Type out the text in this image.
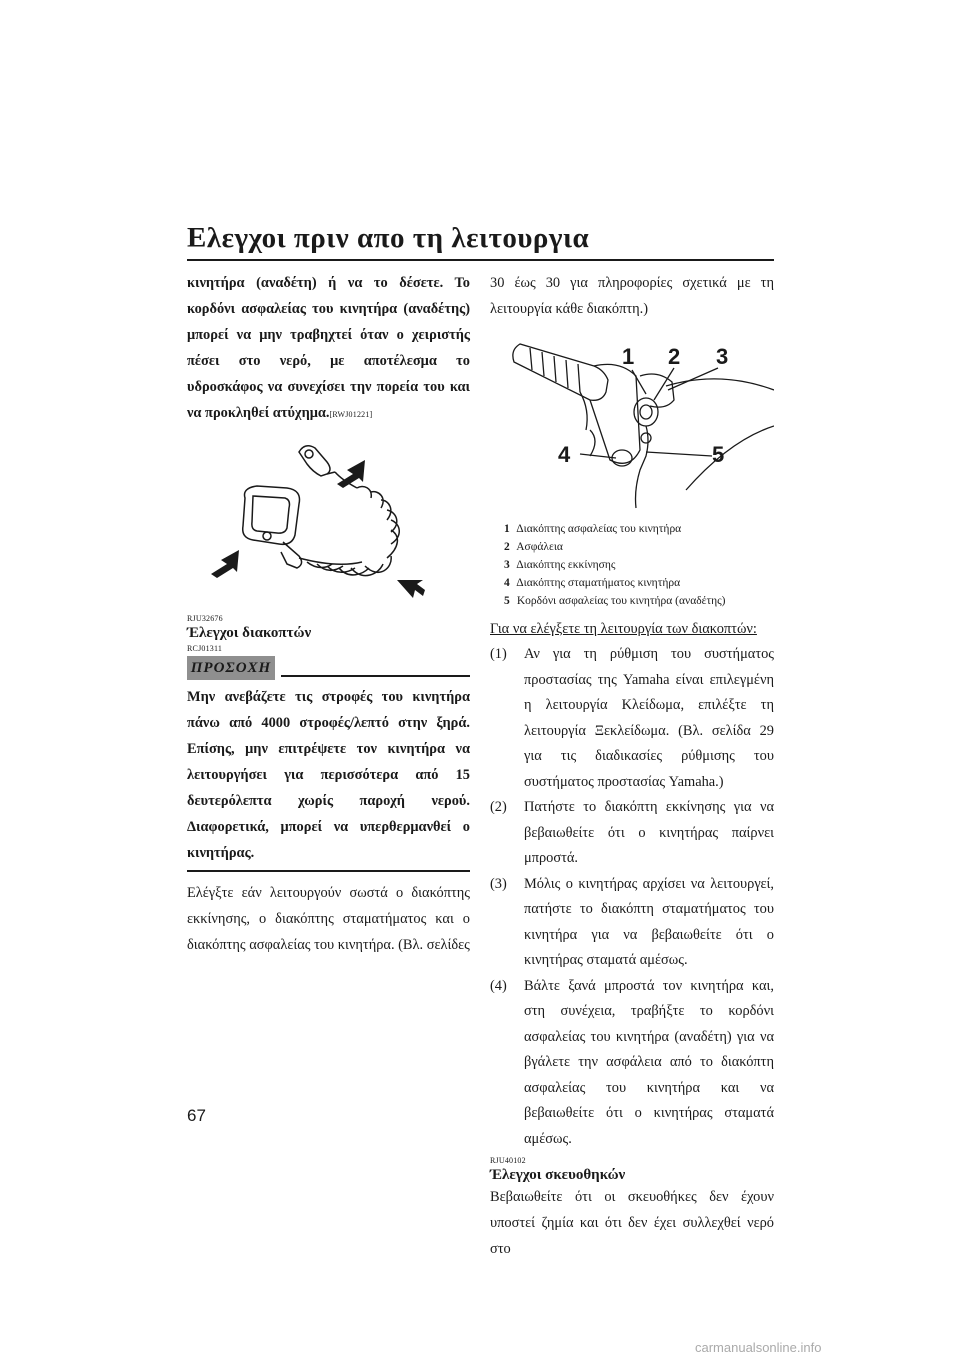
Ελεγχοι πριν απο τη λειτουργια

κινητήρα (αναδέτη) ή να το δέσετε. Το κορδόνι ασφαλείας του κινητήρα (αναδέτης) μπορεί να μην τραβηχτεί όταν ο χειριστής πέσει στο νερό, με αποτέλεσμα το υδροσκάφος να συνεχίσει την πορεία του και να προκληθεί ατύχημα.[RWJ01221]

RJU32676

Έλεγχοι διακοπτών

RCJ01311

ΠΡΟΣΟΧΗ

Μην ανεβάζετε τις στροφές του κινητήρα πάνω από 4000 στροφές/λεπτό στην ξηρά. Επίσης, μην επιτρέψετε τον κινητήρα να λειτουργήσει για περισσότερα από 15 δευτερόλεπτα χωρίς παροχή νερού. Διαφορετικά, μπορεί να υπερθερμανθεί ο κινητήρας.

Ελέγξτε εάν λειτουργούν σωστά ο διακόπτης εκκίνησης, ο διακόπτης σταματήματος και ο διακόπτης ασφαλείας του κινητήρα. (Βλ. σελίδες

30 έως 30 για πληροφορίες σχετικά με τη λειτουργία κάθε διακόπτη.)

1 2 3
4	5

1 Διακόπτης ασφαλείας του κινητήρα

2 Ασφάλεια

3 Διακόπτης εκκίνησης

4 Διακόπτης σταματήματος κινητήρα

5 Κορδόνι ασφαλείας του κινητήρα (αναδέτης)

Για να ελέγξετε τη λειτουργία των διακοπτών:

(1)	Αν για τη ρύθμιση του συστήματος προστασίας της Yamaha είναι επιλεγμένη η λειτουργία Κλείδωμα, επιλέξτε τη λειτουργία Ξεκλείδωμα. (Βλ. σελίδα 29 για τις διαδικασίες ρύθμισης του συστήματος προστασίας Yamaha.)
(2)	Πατήστε το διακόπτη εκκίνησης για να βεβαιωθείτε ότι ο κινητήρας παίρνει μπροστά.
(3)	Μόλις ο κινητήρας αρχίσει να λειτουργεί, πατήστε το διακόπτη σταματήματος του κινητήρα για να βεβαιωθείτε ότι ο κινητήρας σταματά αμέσως.
(4)	Βάλτε ξανά μπροστά τον κινητήρα και, στη συνέχεια, τραβήξτε το κορδόνι ασφαλείας του κινητήρα (αναδέτη) για να βγάλετε την ασφάλεια από το διακόπτη ασφαλείας του κινητήρα και να βεβαιωθείτε ότι ο κινητήρας σταματά αμέσως.

RJU40102

Έλεγχοι σκευοθηκών

Βεβαιωθείτε ότι οι σκευοθήκες δεν έχουν υποστεί ζημία και ότι δεν έχει συλλεχθεί νερό στο

67
carmanualsonline.info
